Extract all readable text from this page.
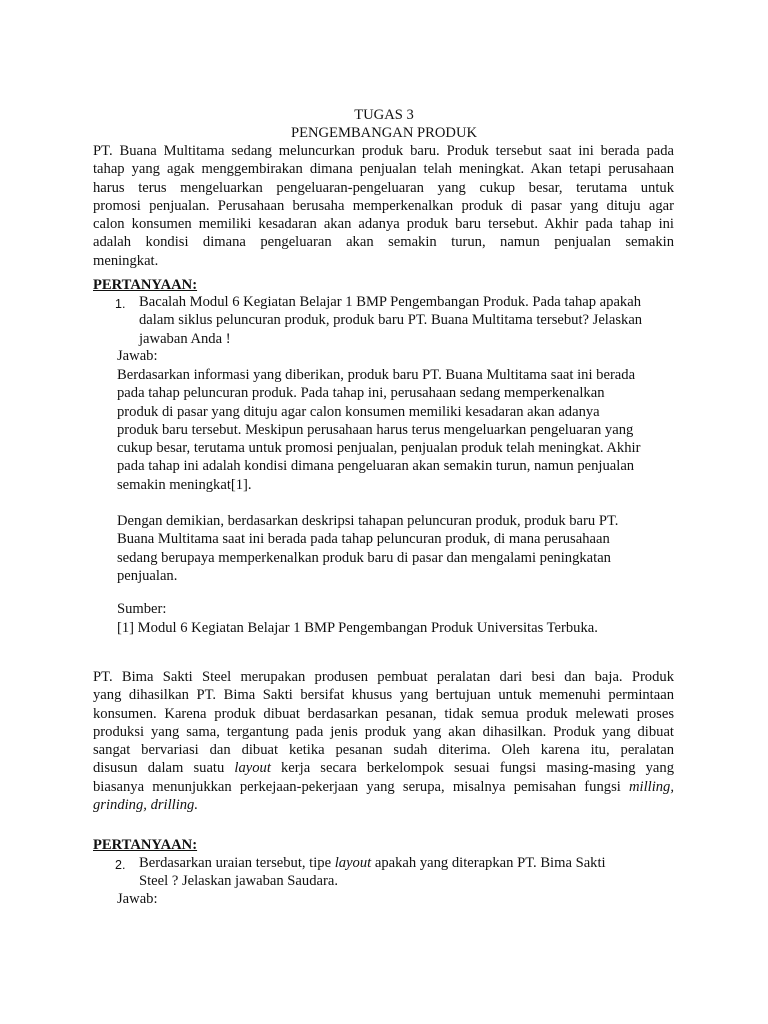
TUGAS 3
PENGEMBANGAN PRODUK
PT. Buana Multitama sedang meluncurkan produk baru. Produk tersebut saat ini berada pada
tahap yang agak menggembirakan dimana penjualan telah meningkat. Akan tetapi perusahaan
harus terus mengeluarkan pengeluaran-pengeluaran yang cukup besar, terutama untuk
promosi penjualan. Perusahaan berusaha memperkenalkan produk di pasar yang dituju agar
calon konsumen memiliki kesadaran akan adanya produk baru tersebut. Akhir pada tahap ini
adalah kondisi dimana pengeluaran akan semakin turun, namun penjualan semakin
meningkat.
PERTANYAAN:
1. Bacalah Modul 6 Kegiatan Belajar 1 BMP Pengembangan Produk. Pada tahap apakah
dalam siklus peluncuran produk, produk baru PT. Buana Multitama tersebut? Jelaskan
jawaban Anda !
Jawab:
Berdasarkan informasi yang diberikan, produk baru PT. Buana Multitama saat ini berada
pada tahap peluncuran produk. Pada tahap ini, perusahaan sedang memperkenalkan
produk di pasar yang dituju agar calon konsumen memiliki kesadaran akan adanya
produk baru tersebut. Meskipun perusahaan harus terus mengeluarkan pengeluaran yang
cukup besar, terutama untuk promosi penjualan, penjualan produk telah meningkat. Akhir
pada tahap ini adalah kondisi dimana pengeluaran akan semakin turun, namun penjualan
semakin meningkat[1].
Dengan demikian, berdasarkan deskripsi tahapan peluncuran produk, produk baru PT.
Buana Multitama saat ini berada pada tahap peluncuran produk, di mana perusahaan
sedang berupaya memperkenalkan produk baru di pasar dan mengalami peningkatan
penjualan.
Sumber:
[1] Modul 6 Kegiatan Belajar 1 BMP Pengembangan Produk Universitas Terbuka.
PT. Bima Sakti Steel merupakan produsen pembuat peralatan dari besi dan baja. Produk
yang dihasilkan PT. Bima Sakti bersifat khusus yang bertujuan untuk memenuhi permintaan
konsumen. Karena produk dibuat berdasarkan pesanan, tidak semua produk melewati proses
produksi yang sama, tergantung pada jenis produk yang akan dihasilkan. Produk yang dibuat
sangat bervariasi dan dibuat ketika pesanan sudah diterima. Oleh karena itu, peralatan
disusun dalam suatu layout kerja secara berkelompok sesuai fungsi masing-masing yang
biasanya menunjukkan perkejaan-pekerjaan yang serupa, misalnya pemisahan fungsi milling,
grinding, drilling.
PERTANYAAN:
2. Berdasarkan uraian tersebut, tipe layout apakah yang diterapkan PT. Bima Sakti
Steel ? Jelaskan jawaban Saudara.
Jawab:
